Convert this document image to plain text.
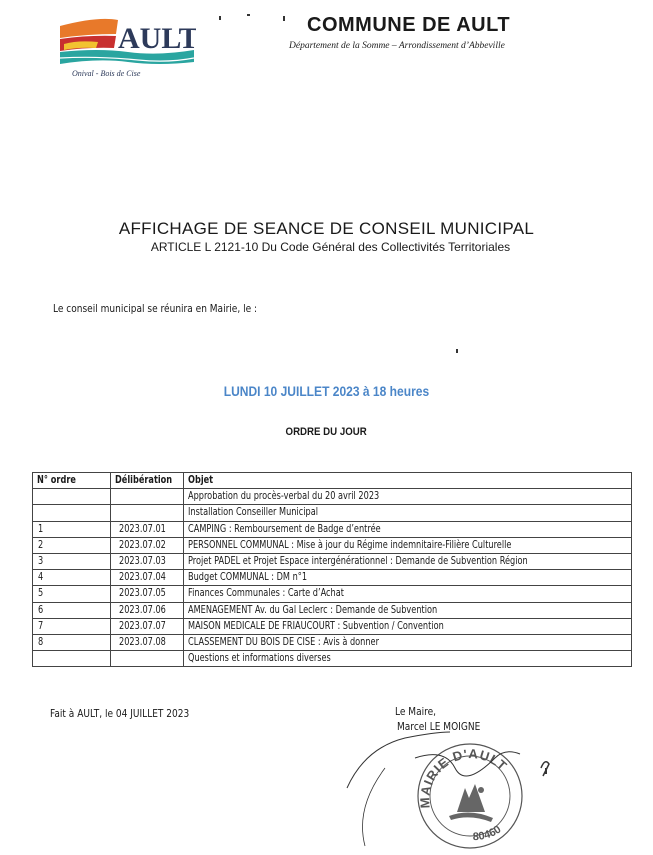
AULT
Onival - Bois de Cise
COMMUNE DE AULT
Département de la Somme – Arrondissement d’Abbeville
AFFICHAGE DE SEANCE DE CONSEIL MUNICIPAL
ARTICLE L 2121-10 Du Code Général des Collectivités Territoriales
Le conseil municipal se réunira en Mairie, le :
LUNDI 10 JUILLET 2023 à 18 heures
ORDRE DU JOUR
N° ordre	Délibération	Objet
		Approbation du procès-verbal du 20 avril 2023
		Installation Conseiller Municipal
1	2023.07.01	CAMPING : Remboursement de Badge d’entrée
2	2023.07.02	PERSONNEL COMMUNAL : Mise à jour du Régime indemnitaire-Filière Culturelle
3	2023.07.03	Projet PADEL et Projet Espace intergénérationnel : Demande de Subvention Région
4	2023.07.04	Budget COMMUNAL : DM n°1
5	2023.07.05	Finances Communales : Carte d’Achat
6	2023.07.06	AMENAGEMENT Av. du Gal Leclerc : Demande de Subvention
7	2023.07.07	MAISON MEDICALE DE FRIAUCOURT : Subvention / Convention
8	2023.07.08	CLASSEMENT DU BOIS DE CISE : Avis à donner
		Questions et informations diverses
Fait à AULT, le 04 JUILLET 2023	Le Maire,
Marcel LE MOIGNE
MAIRIE D'AULT
80460
